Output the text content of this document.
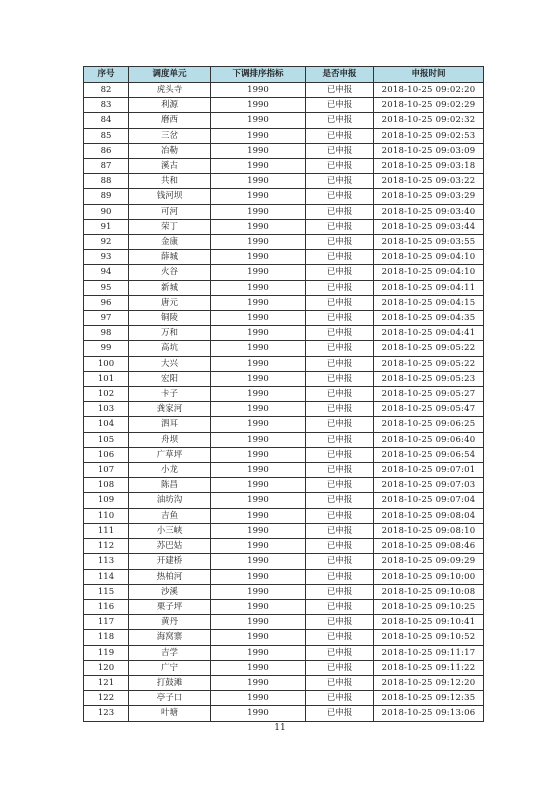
序号	调度单元	下调排序指标	是否申报	申报时间
82	虎头寺	1990	已申报	2018-10-25 09:02:20
83	利源	1990	已申报	2018-10-25 09:02:29
84	磨西	1990	已申报	2018-10-25 09:02:32
85	三岔	1990	已申报	2018-10-25 09:02:53
86	冶勒	1990	已申报	2018-10-25 09:03:09
87	溪古	1990	已申报	2018-10-25 09:03:18
88	共和	1990	已申报	2018-10-25 09:03:22
89	钱河坝	1990	已申报	2018-10-25 09:03:29
90	可河	1990	已申报	2018-10-25 09:03:40
91	荣丁	1990	已申报	2018-10-25 09:03:44
92	金康	1990	已申报	2018-10-25 09:03:55
93	薛城	1990	已申报	2018-10-25 09:04:10
94	火谷	1990	已申报	2018-10-25 09:04:10
95	新城	1990	已申报	2018-10-25 09:04:11
96	唐元	1990	已申报	2018-10-25 09:04:15
97	铜陵	1990	已申报	2018-10-25 09:04:35
98	万和	1990	已申报	2018-10-25 09:04:41
99	高坑	1990	已申报	2018-10-25 09:05:22
100	大兴	1990	已申报	2018-10-25 09:05:22
101	宏阳	1990	已申报	2018-10-25 09:05:23
102	卡子	1990	已申报	2018-10-25 09:05:27
103	龚家河	1990	已申报	2018-10-25 09:05:47
104	泗耳	1990	已申报	2018-10-25 09:06:25
105	舟坝	1990	已申报	2018-10-25 09:06:40
106	广草坪	1990	已申报	2018-10-25 09:06:54
107	小龙	1990	已申报	2018-10-25 09:07:01
108	陈昌	1990	已申报	2018-10-25 09:07:03
109	油坊沟	1990	已申报	2018-10-25 09:07:04
110	吉鱼	1990	已申报	2018-10-25 09:08:04
111	小三峡	1990	已申报	2018-10-25 09:08:10
112	苏巴姑	1990	已申报	2018-10-25 09:08:46
113	开建桥	1990	已申报	2018-10-25 09:09:29
114	热柏河	1990	已申报	2018-10-25 09:10:00
115	沙溪	1990	已申报	2018-10-25 09:10:08
116	栗子坪	1990	已申报	2018-10-25 09:10:25
117	黄丹	1990	已申报	2018-10-25 09:10:41
118	海窝寨	1990	已申报	2018-10-25 09:10:52
119	吉学	1990	已申报	2018-10-25 09:11:17
120	广宁	1990	已申报	2018-10-25 09:11:22
121	打鼓滩	1990	已申报	2018-10-25 09:12:20
122	亭子口	1990	已申报	2018-10-25 09:12:35
123	叶塘	1990	已申报	2018-10-25 09:13:06
11
